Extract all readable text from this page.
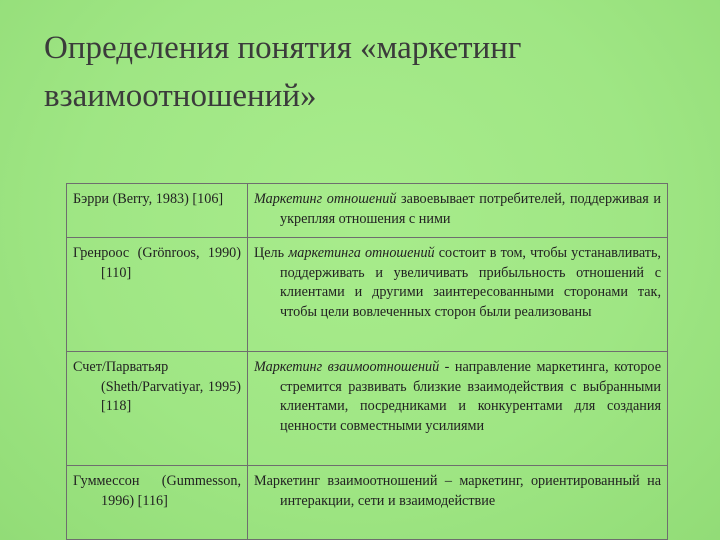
Определения понятия «маркетинг
взаимоотношений»
Бэрри (Berry, 1983) [106]	Маркетинг отношений завоевывает потребителей, поддерживая и укрепляя отношения с ними

Гренроос (Grönroos, 1990) [110]	Цель маркетинга отношений состоит в том, чтобы устанавливать, поддерживать и увеличивать прибыльность отношений с клиентами и другими заинтересованными сторонами так, чтобы цели вовлеченных сторон были реализованы

Счет/Парватьяр (Sheth/Parvatiyar, 1995) [118]	Маркетинг взаимоотношений - направление маркетинга, которое стремится развивать близкие взаимодействия с выбранными клиентами, посредниками и конкурентами для создания ценности совместными усилиями

Гуммессон (Gummesson, 1996) [116]	Маркетинг взаимоотношений – маркетинг, ориентированный на интеракции, сети и взаимодействие
